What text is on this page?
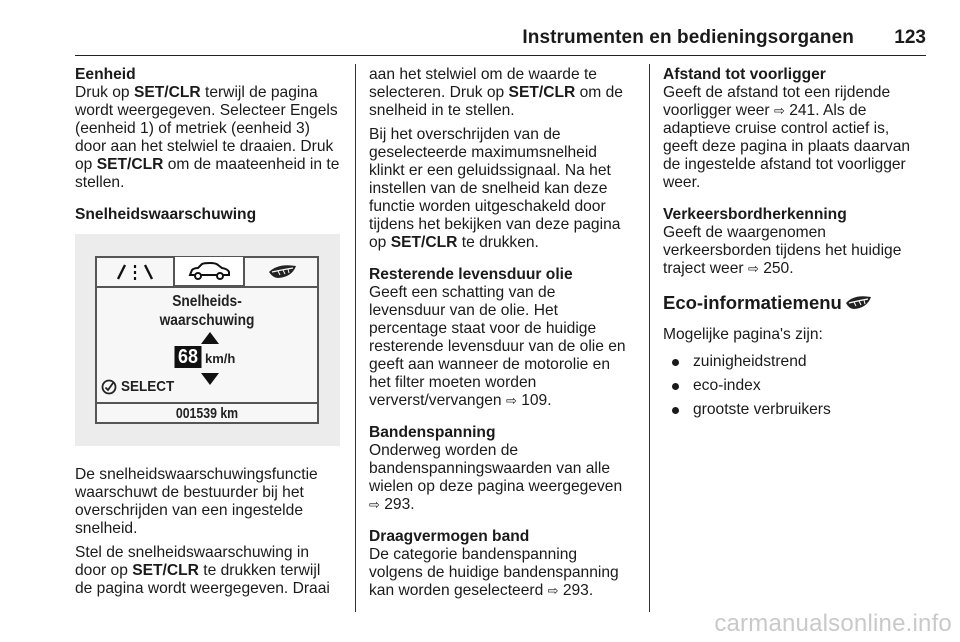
Instrumenten en bedieningsorganen 123
Eenheid

Druk op SET/CLR terwijl de pagina wordt weergegeven. Selecteer Engels (eenheid 1) of metriek (eenheid 3) door aan het stelwiel te draaien. Druk op SET/CLR om de maateenheid in te stellen.

Snelheidswaarschuwing
Snelheids-
waarschuwing
68 km/h
SELECT
001539 km

De snelheidswaarschuwingsfunctie waarschuwt de bestuurder bij het overschrijden van een ingestelde snelheid.

Stel de snelheidswaarschuwing in door op SET/CLR te drukken terwijl de pagina wordt weergegeven. Draai

aan het stelwiel om de waarde te selecteren. Druk op SET/CLR om de snelheid in te stellen.

Bij het overschrijden van de geselecteerde maximumsnelheid klinkt er een geluidssignaal. Na het instellen van de snelheid kan deze functie worden uitgeschakeld door tijdens het bekijken van deze pagina op SET/CLR te drukken.

Resterende levensduur olie

Geeft een schatting van de levensduur van de olie. Het percentage staat voor de huidige resterende levensduur van de olie en geeft aan wanneer de motorolie en het filter moeten worden ververst/vervangen ⇨ 109.

Bandenspanning

Onderweg worden de bandenspanningswaarden van alle wielen op deze pagina weergegeven ⇨ 293.

Draagvermogen band

De categorie bandenspanning volgens de huidige bandenspanning kan worden geselecteerd ⇨ 293.

Afstand tot voorligger

Geeft de afstand tot een rijdende voorligger weer ⇨ 241. Als de adaptieve cruise control actief is, geeft deze pagina in plaats daarvan de ingestelde afstand tot voorligger weer.

Verkeersbordherkenning

Geeft de waargenomen verkeersborden tijdens het huidige traject weer ⇨ 250.

Eco-informatiemenu

Mogelijke pagina's zijn:

zuinigheidstrend
eco-index
grootste verbruikers
carmanualsonline.info
